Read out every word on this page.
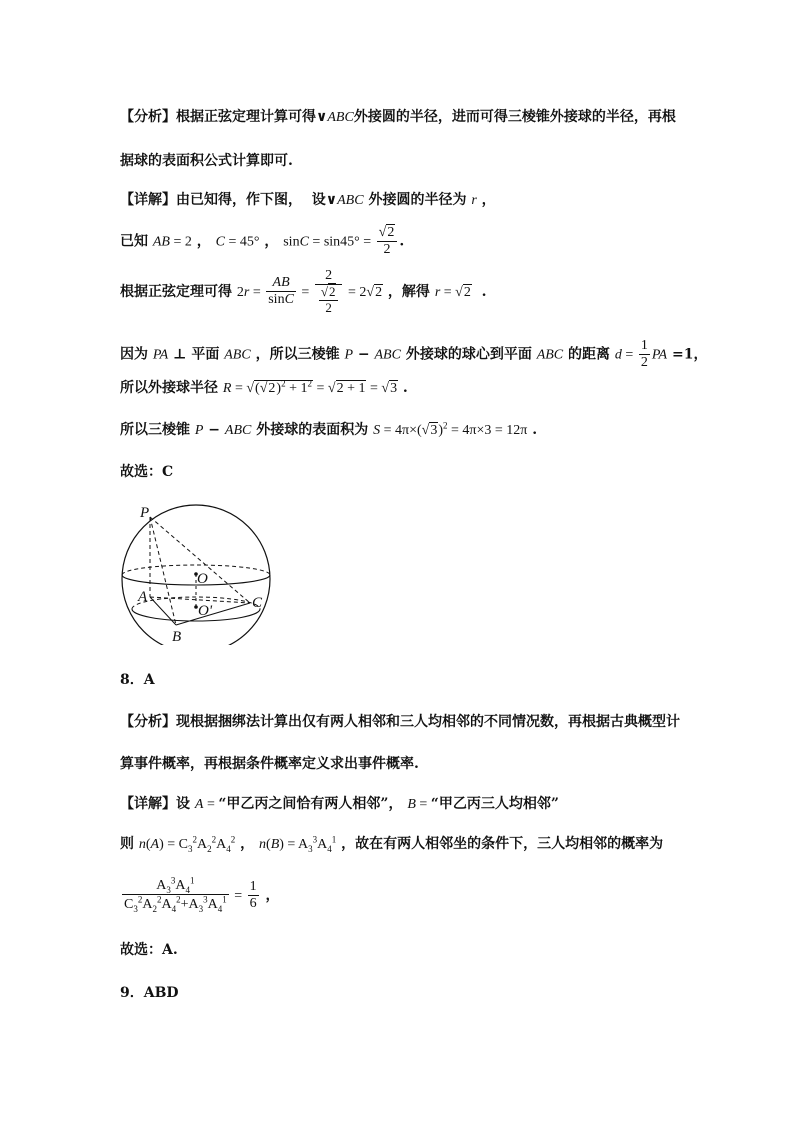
【分析】根据正弦定理计算可得∨ABC外接圆的半径，进而可得三棱锥外接球的半径，再根
据球的表面积公式计算即可.
【详解】由已知得，作下图，  设∨ABC 外接圆的半径为 r ，
已知 AB = 2 ， C = 45° ， $\sin C = \sin 45^\circ = \frac{√2}{2}$ .
根据正弦定理可得 $2r = \frac{AB}{\sin C} = \frac{2}{\frac{√2}{2}} = 2√2$ ，解得 r = √2  .
因为 PA ⊥ 平面 ABC ，所以三棱锥 P − ABC 外接球的球心到平面 ABC 的距离 $d = \frac{1}{2}$ PA =1，
所以外接球半径 $R = √(√2)^2 + 1^2 = √2 + 1 = √3$ .
所以三棱锥 P − ABC 外接球的表面积为 $S = 4\pi\times(√3)^2 = 4\pi\times 3 = 12\pi$ .
故选：C
P
O
O'
A
B
C
8．A
【分析】现根据捆绑法计算出仅有两人相邻和三人均相邻的不同情况数，再根据古典概型计
算事件概率，再根据条件概率定义求出事件概率.
【详解】设 A = “甲乙丙之间恰有两人相邻”， B = “甲乙丙三人均相邻”
则 $n(A) = C_3^2A_2^2A_4^2$ ， $n(B) = A_3^3A_4^1$ ，故在有两人相邻坐的条件下，三人均相邻的概率为
$\frac{A_3^3A_4^1}{C_3^2A_2^2A_4^2+A_3^3A_4^1} = \frac{1}{6}$ ，
故选：A.
9．ABD
